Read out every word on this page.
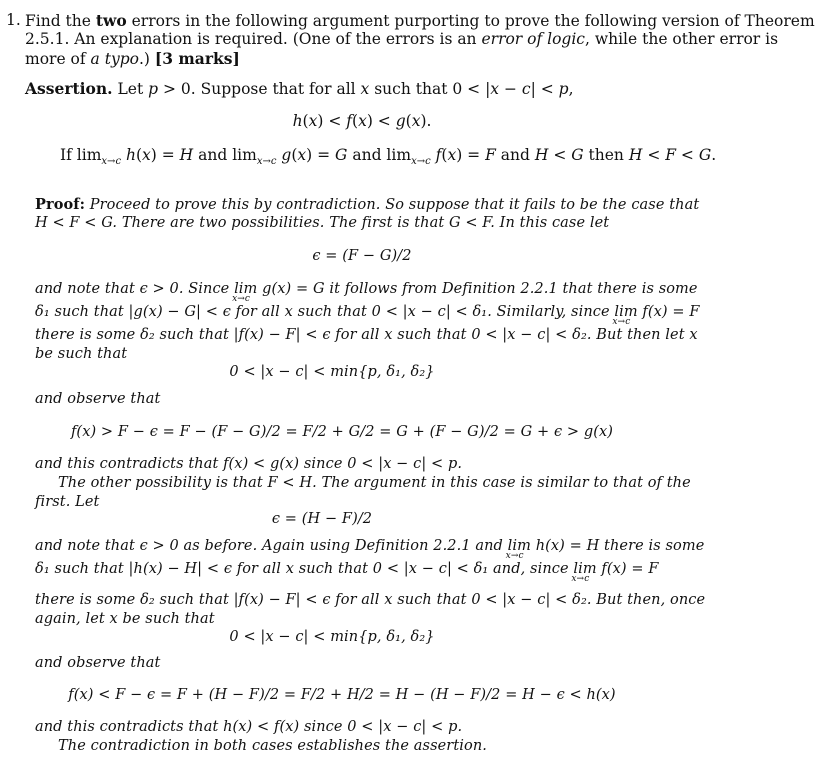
1. Find the two errors in the following argument purporting to prove the following version of Theorem
2.5.1. An explanation is required. (One of the errors is an error of logic, while the other error is
more of a typo.) [3 marks]
Assertion. Let p > 0. Suppose that for all x such that 0 < |x − c| < p,
h(x) < f(x) < g(x).
If $\lim_{x\to c} h(x) = H$ and $\lim_{x\to c} g(x) = G$ and $\lim_{x\to c} f(x) = F$ and H < G then H < F < G.
Proof: Proceed to prove this by contradiction. So suppose that it fails to be the case that
H < F < G. There are two possibilities. The first is that G < F. In this case let
ϵ = (F − G)/2
and note that ϵ > 0. Since lim
x→c
g(x) = G it follows from Definition 2.2.1 that there is some
δ₁ such that |g(x) − G| < ϵ for all x such that 0 < |x − c| < δ₁. Similarly, since lim
x→c
f(x) = F
there is some δ₂ such that |f(x) − F| < ϵ for all x such that 0 < |x − c| < δ₂. But then let x
be such that
0 < |x − c| < min{p, δ₁, δ₂}
and observe that
f(x) > F − ϵ = F − (F − G)/2 = F/2 + G/2 = G + (F − G)/2 = G + ϵ > g(x)
and this contradicts that f(x) < g(x) since 0 < |x − c| < p.
The other possibility is that F < H. The argument in this case is similar to that of the
first. Let
ϵ = (H − F)/2
and note that ϵ > 0 as before. Again using Definition 2.2.1 and lim
x→c
h(x) = H there is some
δ₁ such that |h(x) − H| < ϵ for all x such that 0 < |x − c| < δ₁ and, since lim
x→c
f(x) = F
there is some δ₂ such that |f(x) − F| < ϵ for all x such that 0 < |x − c| < δ₂. But then, once
again, let x be such that
0 < |x − c| < min{p, δ₁, δ₂}
and observe that
f(x) < F − ϵ = F + (H − F)/2 = F/2 + H/2 = H − (H − F)/2 = H − ϵ < h(x)
and this contradicts that h(x) < f(x) since 0 < |x − c| < p.
The contradiction in both cases establishes the assertion.
